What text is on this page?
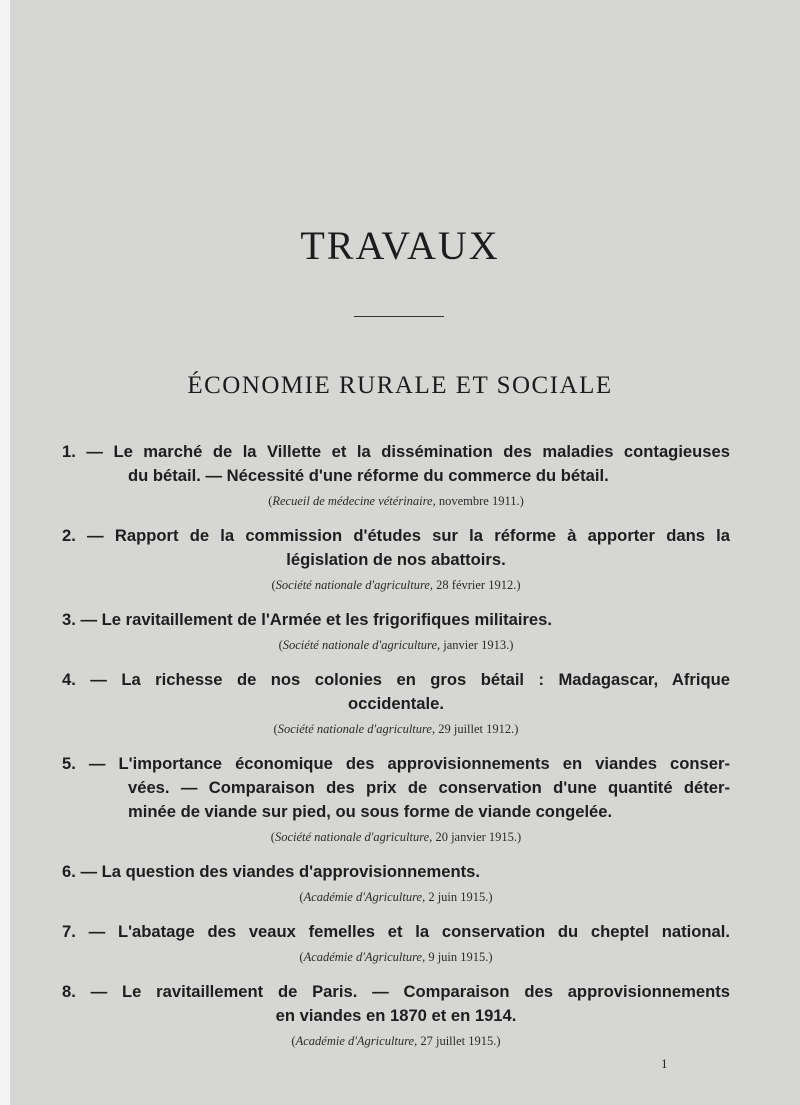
TRAVAUX
ÉCONOMIE RURALE ET SOCIALE
1. — Le marché de la Villette et la dissémination des maladies contagieuses
du bétail. — Nécessité d'une réforme du commerce du bétail.
(Recueil de médecine vétérinaire, novembre 1911.)
2. — Rapport de la commission d'études sur la réforme à apporter dans la
législation de nos abattoirs.
(Société nationale d'agriculture, 28 février 1912.)
3. — Le ravitaillement de l'Armée et les frigorifiques militaires.
(Société nationale d'agriculture, janvier 1913.)
4. — La richesse de nos colonies en gros bétail : Madagascar, Afrique
occidentale.
(Société nationale d'agriculture, 29 juillet 1912.)
5. — L'importance économique des approvisionnements en viandes conser-
vées. — Comparaison des prix de conservation d'une quantité déter-
minée de viande sur pied, ou sous forme de viande congelée.
(Société nationale d'agriculture, 20 janvier 1915.)
6. — La question des viandes d'approvisionnements.
(Académie d'Agriculture, 2 juin 1915.)
7. — L'abatage des veaux femelles et la conservation du cheptel national.
(Académie d'Agriculture, 9 juin 1915.)
8. — Le ravitaillement de Paris. — Comparaison des approvisionnements
en viandes en 1870 et en 1914.
(Académie d'Agriculture, 27 juillet 1915.)
1
